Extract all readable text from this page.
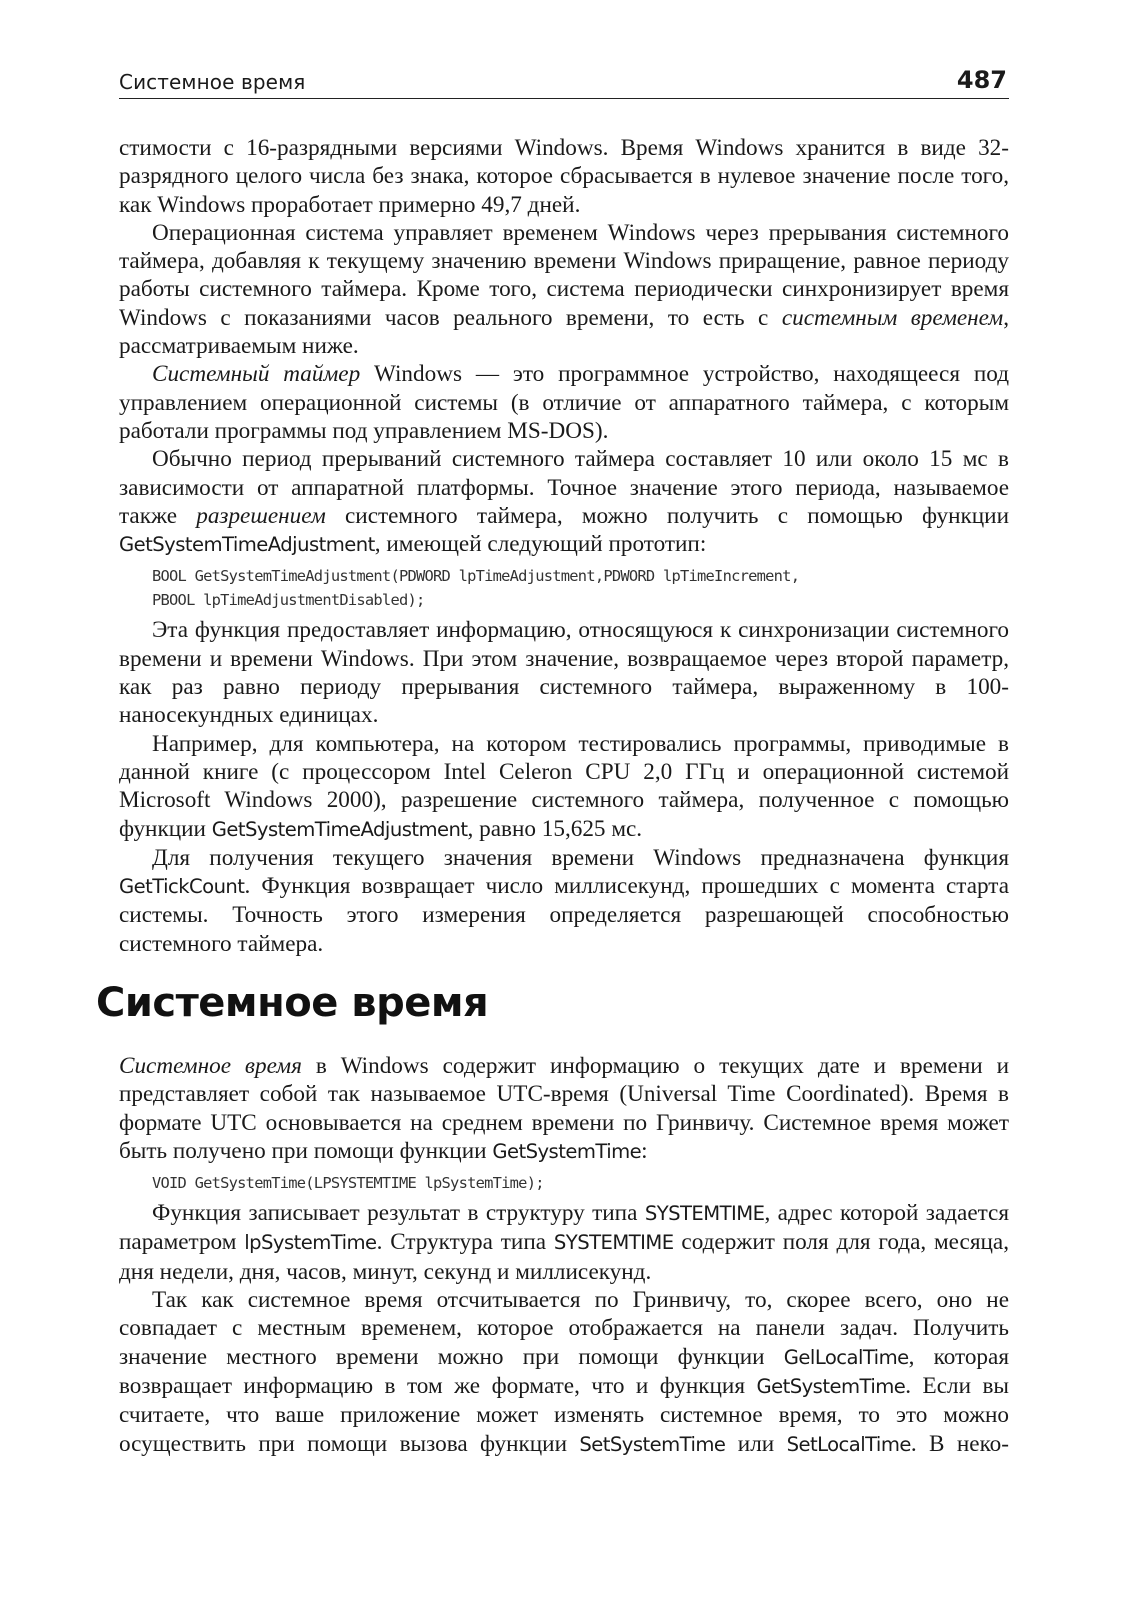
Системное время	487

стимости с 16-разрядными версиями Windows. Время Windows хранится в виде 32-разрядного целого числа без знака, которое сбрасывается в нулевое значение после того, как Windows проработает примерно 49,7 дней.

Операционная система управляет временем Windows через прерывания системного таймера, добавляя к текущему значению времени Windows приращение, равное периоду работы системного таймера. Кроме того, система периодически синхронизирует время Windows с показаниями часов реального времени, то есть с системным временем, рассматриваемым ниже.

Системный таймер Windows — это программное устройство, находящееся под управлением операционной системы (в отличие от аппаратного таймера, с которым работали программы под управлением MS-DOS).

Обычно период прерываний системного таймера составляет 10 или около 15 мс в зависимости от аппаратной платформы. Точное значение этого периода, называемое также разрешением системного таймера, можно получить с помощью функции GetSystemTimeAdjustment, имеющей следующий прототип:

BOOL GetSystemTimeAdjustment(PDWORD lpTimeAdjustment,PDWORD lpTimeIncrement,
PBOOL lpTimeAdjustmentDisabled);

Эта функция предоставляет информацию, относящуюся к синхронизации системного времени и времени Windows. При этом значение, возвращаемое через второй параметр, как раз равно периоду прерывания системного таймера, выраженному в 100-наносекундных единицах.

Например, для компьютера, на котором тестировались программы, приводимые в данной книге (с процессором Intel Celeron CPU 2,0 ГГц и операционной системой Microsoft Windows 2000), разрешение системного таймера, полученное с помощью функции GetSystemTimeAdjustment, равно 15,625 мс.

Для получения текущего значения времени Windows предназначена функция GetTickCount. Функция возвращает число миллисекунд, прошедших с момента старта системы. Точность этого измерения определяется разрешающей способностью системного таймера.

Системное время

Системное время в Windows содержит информацию о текущих дате и времени и представляет собой так называемое UTC-время (Universal Time Coordinated). Время в формате UTC основывается на среднем времени по Гринвичу. Системное время может быть получено при помощи функции GetSystemTime:

VOID GetSystemTime(LPSYSTEMTIME lpSystemTime);

Функция записывает результат в структуру типа SYSTEMTIME, адрес которой задается параметром lpSystemTime. Структура типа SYSTEMTIME содержит поля для года, месяца, дня недели, дня, часов, минут, секунд и миллисекунд.

Так как системное время отсчитывается по Гринвичу, то, скорее всего, оно не совпадает с местным временем, которое отображается на панели задач. Получить значение местного времени можно при помощи функции GelLocalTime, которая возвращает информацию в том же формате, что и функция GetSystemTime. Если вы считаете, что ваше приложение может изменять системное время, то это можно осуществить при помощи вызова функции SetSystemTime или SetLocalTime. В неко-
